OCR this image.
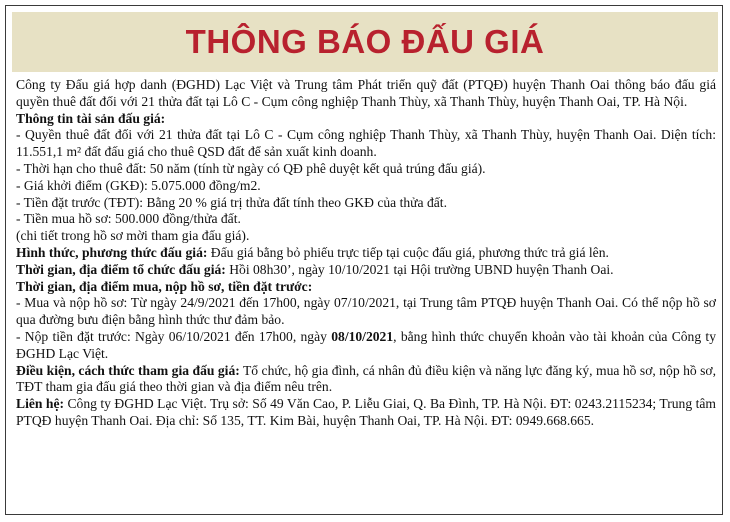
THÔNG BÁO ĐẤU GIÁ

Công ty Đấu giá hợp danh (ĐGHD) Lạc Việt và Trung tâm Phát triển quỹ đất (PTQĐ) huyện Thanh Oai thông báo đấu giá quyền thuê đất đối với 21 thửa đất tại Lô C - Cụm công nghiệp Thanh Thùy, xã Thanh Thùy, huyện Thanh Oai, TP. Hà Nội.

Thông tin tài sản đấu giá:

- Quyền thuê đất đối với 21 thửa đất tại Lô C - Cụm công nghiệp Thanh Thùy, xã Thanh Thùy, huyện Thanh Oai. Diện tích: 11.551,1 m² đất đấu giá cho thuê QSD đất để sản xuất kinh doanh.

- Thời hạn cho thuê đất: 50 năm (tính từ ngày có QĐ phê duyệt kết quả trúng đấu giá).

- Giá khởi điểm (GKĐ): 5.075.000 đồng/m2.

- Tiền đặt trước (TĐT): Bằng 20 % giá trị thửa đất tính theo GKĐ của thửa đất.

- Tiền mua hồ sơ: 500.000 đồng/thửa đất.

(chi tiết trong hồ sơ mời tham gia đấu giá).

Hình thức, phương thức đấu giá: Đấu giá bằng bỏ phiếu trực tiếp tại cuộc đấu giá, phương thức trả giá lên.

Thời gian, địa điểm tổ chức đấu giá: Hồi 08h30’, ngày 10/10/2021 tại Hội trường UBND huyện Thanh Oai.

Thời gian, địa điểm mua, nộp hồ sơ, tiền đặt trước:

- Mua và nộp hồ sơ: Từ ngày 24/9/2021 đến 17h00, ngày 07/10/2021, tại Trung tâm PTQĐ huyện Thanh Oai. Có thể nộp hồ sơ qua đường bưu điện bằng hình thức thư đảm bảo.

- Nộp tiền đặt trước: Ngày 06/10/2021 đến 17h00, ngày 08/10/2021, bằng hình thức chuyển khoản vào tài khoản của Công ty ĐGHD Lạc Việt.

Điều kiện, cách thức tham gia đấu giá: Tổ chức, hộ gia đình, cá nhân đủ điều kiện và năng lực đăng ký, mua hồ sơ, nộp hồ sơ, TĐT tham gia đấu giá theo thời gian và địa điểm nêu trên.

Liên hệ: Công ty ĐGHD Lạc Việt. Trụ sở: Số 49 Văn Cao, P. Liễu Giai, Q. Ba Đình, TP. Hà Nội. ĐT: 0243.2115234; Trung tâm PTQĐ huyện Thanh Oai. Địa chỉ: Số 135, TT. Kim Bài, huyện Thanh Oai, TP. Hà Nội. ĐT: 0949.668.665.
